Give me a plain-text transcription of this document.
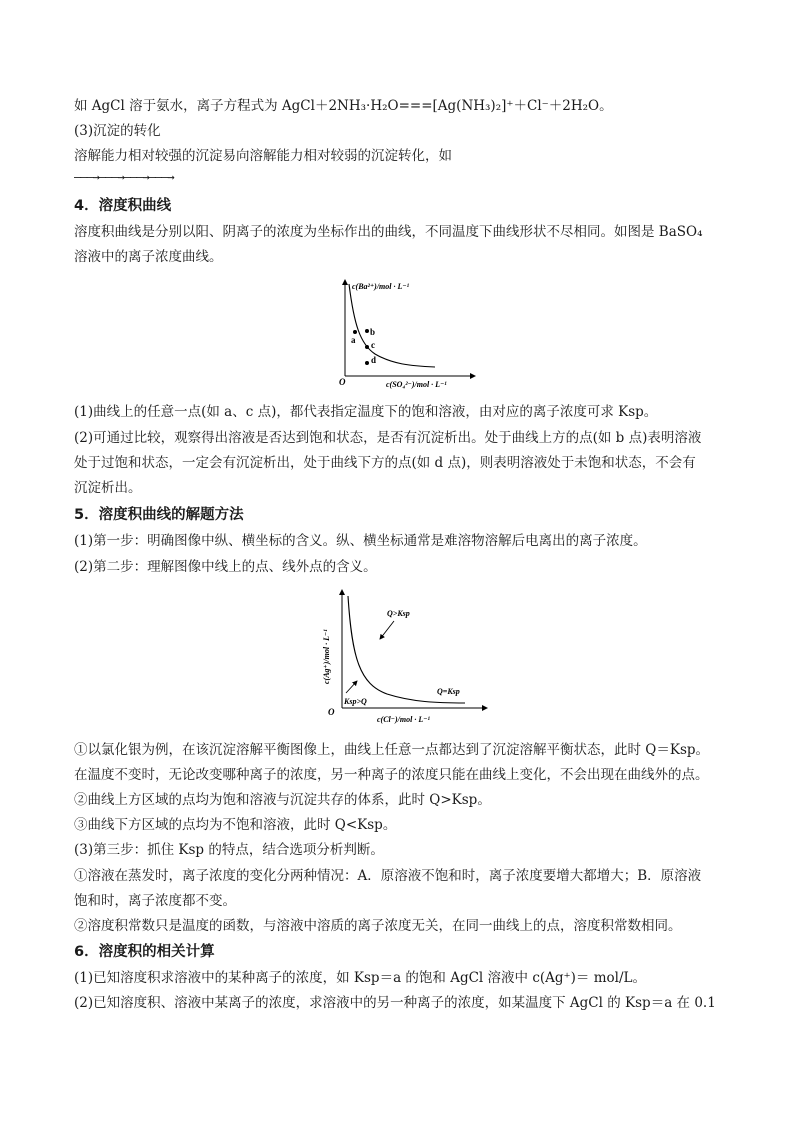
如 AgCl 溶于氨水，离子方程式为 AgCl＋2NH₃·H₂O===[Ag(NH₃)₂]⁺＋Cl⁻＋2H₂O。
(3)沉淀的转化
溶解能力相对较强的沉淀易向溶解能力相对较弱的沉淀转化，如
———→———→———→———→
4．溶度积曲线
溶度积曲线是分别以阳、阴离子的浓度为坐标作出的曲线，不同温度下曲线形状不尽相同。如图是 BaSO₄
溶液中的离子浓度曲线。
c(Ba²⁺)/mol · L⁻¹
c(SO₄²⁻)/mol · L⁻¹
O
a
b
c
d
(1)曲线上的任意一点(如 a、c 点)，都代表指定温度下的饱和溶液，由对应的离子浓度可求 Ksp。
(2)可通过比较，观察得出溶液是否达到饱和状态，是否有沉淀析出。处于曲线上方的点(如 b 点)表明溶液
处于过饱和状态，一定会有沉淀析出，处于曲线下方的点(如 d 点)，则表明溶液处于未饱和状态，不会有
沉淀析出。
5．溶度积曲线的解题方法
(1)第一步：明确图像中纵、横坐标的含义。纵、横坐标通常是难溶物溶解后电离出的离子浓度。
(2)第二步：理解图像中线上的点、线外点的含义。
c(Ag⁺)/mol · L⁻¹
c(Cl⁻)/mol · L⁻¹
O
Q>Ksp
Ksp>Q
Q=Ksp
①以氯化银为例，在该沉淀溶解平衡图像上，曲线上任意一点都达到了沉淀溶解平衡状态，此时 Q＝Ksp。
在温度不变时，无论改变哪种离子的浓度，另一种离子的浓度只能在曲线上变化，不会出现在曲线外的点。
②曲线上方区域的点均为饱和溶液与沉淀共存的体系，此时 Q>Ksp。
③曲线下方区域的点均为不饱和溶液，此时 Q<Ksp。
(3)第三步：抓住 Ksp 的特点，结合选项分析判断。
①溶液在蒸发时，离子浓度的变化分两种情况：A．原溶液不饱和时，离子浓度要增大都增大；B．原溶液
饱和时，离子浓度都不变。
②溶度积常数只是温度的函数，与溶液中溶质的离子浓度无关，在同一曲线上的点，溶度积常数相同。
6．溶度积的相关计算
(1)已知溶度积求溶液中的某种离子的浓度，如 Ksp＝a 的饱和 AgCl 溶液中 c(Ag⁺)＝ mol/L。
(2)已知溶度积、溶液中某离子的浓度，求溶液中的另一种离子的浓度，如某温度下 AgCl 的 Ksp＝a 在 0.1
